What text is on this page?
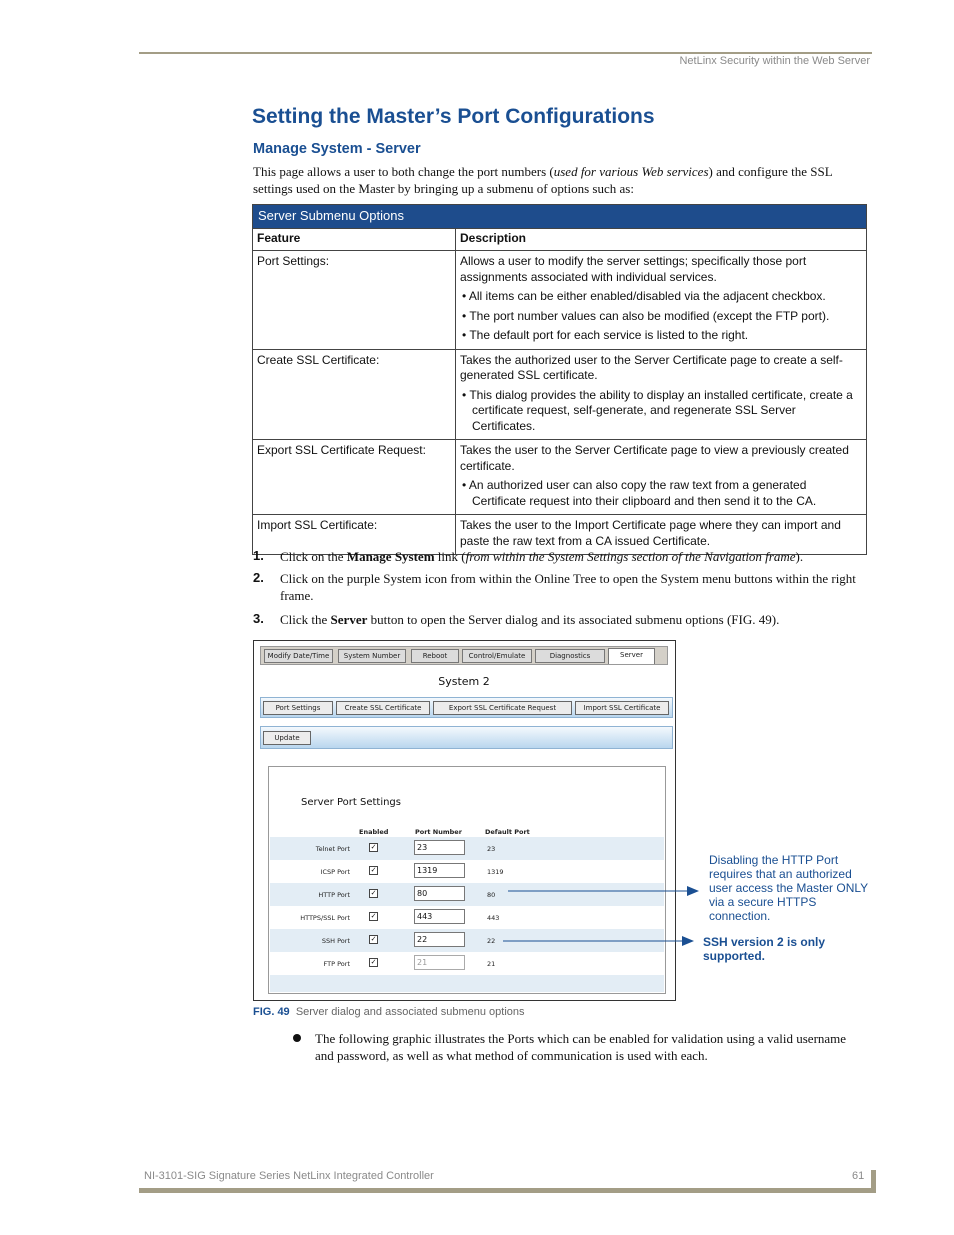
NetLinx Security within the Web Server
Setting the Master’s Port Configurations
Manage System - Server
This page allows a user to both change the port numbers (used for various Web services) and configure the SSL settings used on the Master by bringing up a submenu of options such as:
Server Submenu Options	
Feature	Description
Port Settings:	Allows a user to modify the server settings; specifically those port assignments associated with individual services.

• All items can be either enabled/disabled via the adjacent checkbox.

• The port number values can also be modified (except the FTP port).

• The default port for each service is listed to the right.

Create SSL Certificate:	Takes the authorized user to the Server Certificate page to create a self-generated SSL certificate.

• This dialog provides the ability to display an installed certificate, create a certificate request, self-generate, and regenerate SSL Server Certificates.

Export SSL Certificate Request:	Takes the user to the Server Certificate page to view a previously created certificate.

• An authorized user can also copy the raw text from a generated Certificate request into their clipboard and then send it to the CA.

Import SSL Certificate:	Takes the user to the Import Certificate page where they can import and paste the raw text from a CA issued Certificate.

1. Click on the Manage System link (from within the System Settings section of the Navigation frame).
2. Click on the purple System icon from within the Online Tree to open the System menu buttons within the right frame.
3. Click the Server button to open the Server dialog and its associated submenu options (FIG. 49).
Modify Date/Time	System Number	Reboot	Control/Emulate	Diagnostics	Server
System 2
Port Settings	Create SSL Certificate	Export SSL Certificate Request	Import SSL Certificate
Update
Server Port Settings
Enabled	Port Number	Default Port
Telnet Port	✓	23	23
ICSP Port	✓	1319	1319
HTTP Port	✓	80	80
HTTPS/SSL Port	✓	443	443
SSH Port	✓	22	22
FTP Port	✓	21	21
Disabling the HTTP Port requires that an authorized user access the Master ONLY via a secure HTTPS connection.
SSH version 2 is only supported.
FIG. 49 Server dialog and associated submenu options
The following graphic illustrates the Ports which can be enabled for validation using a valid username and password, as well as what method of communication is used with each.
NI-3101-SIG Signature Series NetLinx Integrated Controller	61
